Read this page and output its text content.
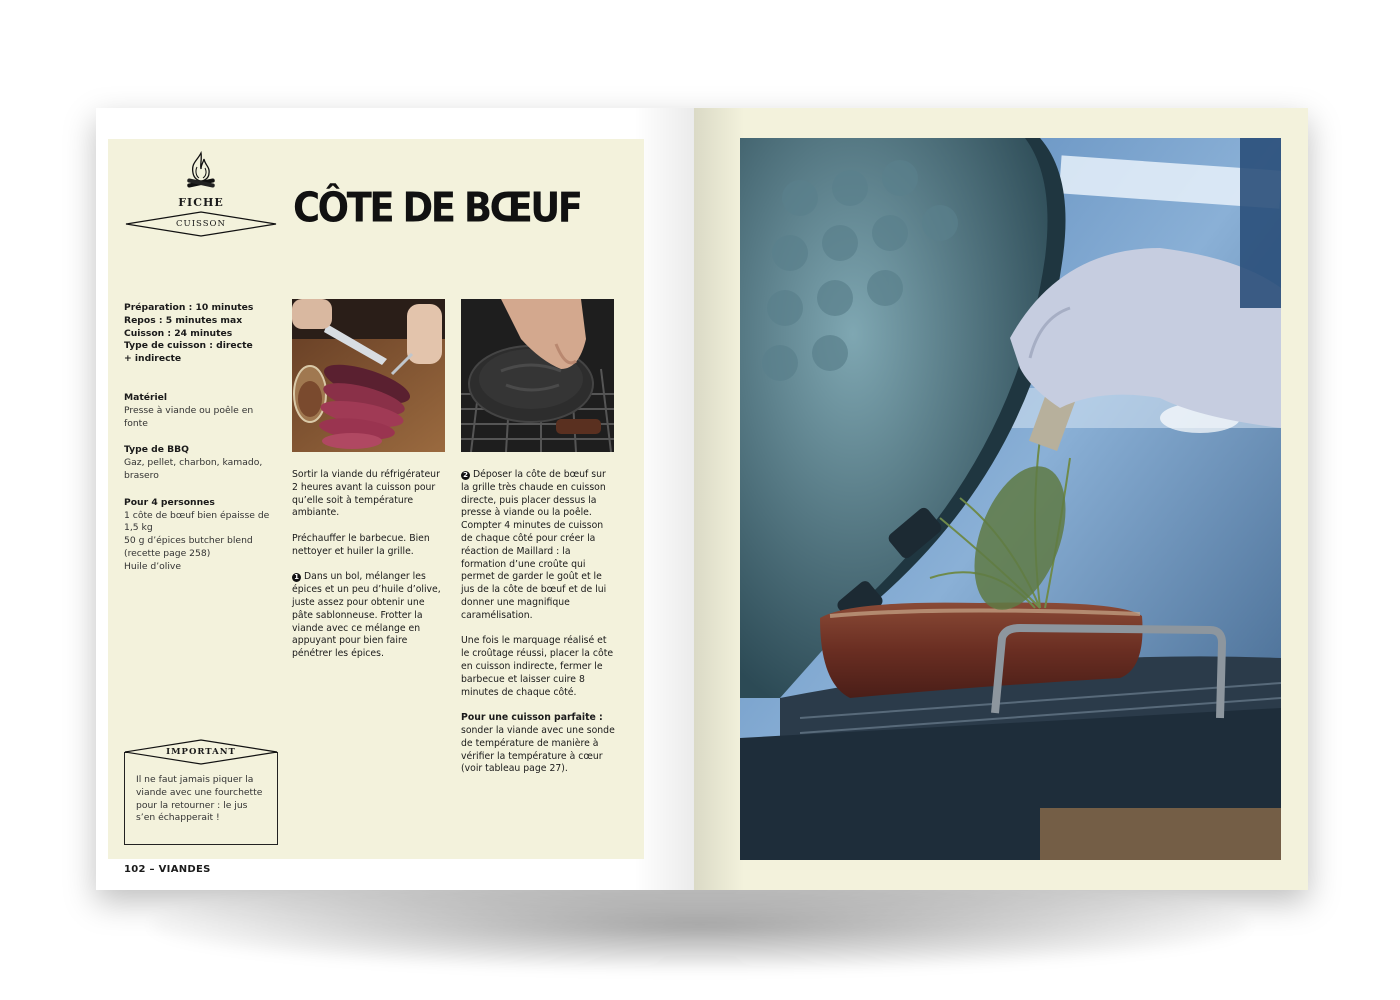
FICHE
CUISSON	CÔTE DE BŒUF
Préparation : 10 minutes
Repos : 5 minutes max
Cuisson : 24 minutes
Type de cuisson : directe
+ indirecte
Matériel
Presse à viande ou poêle en fonte
Type de BBQ
Gaz, pellet, charbon, kamado, brasero
Pour 4 personnes
1 côte de bœuf bien épaisse de 1,5 kg
50 g d’épices butcher blend (recette page 258)
Huile d’olive

Sortir la viande du réfrigérateur 2 heures avant la cuisson pour qu’elle soit à température ambiante.

Préchauffer le barbecue. Bien nettoyer et huiler la grille.

1 Dans un bol, mélanger les épices et un peu d’huile d’olive, juste assez pour obtenir une pâte sablonneuse. Frotter la viande avec ce mélange en appuyant pour bien faire pénétrer les épices.

2 Déposer la côte de bœuf sur la grille très chaude en cuisson directe, puis placer dessus la presse à viande ou la poêle. Compter 4 minutes de cuisson de chaque côté pour créer la réaction de Maillard : la formation d’une croûte qui permet de garder le goût et le jus de la côte de bœuf et de lui donner une magnifique caramélisation.

Une fois le marquage réalisé et le croûtage réussi, placer la côte en cuisson indirecte, fermer le barbecue et laisser cuire 8 minutes de chaque côté.

Pour une cuisson parfaite :
sonder la viande avec une sonde de température de manière à vérifier la température à cœur (voir tableau page 27).
IMPORTANT
Il ne faut jamais piquer la viande avec une fourchette pour la retourner : le jus s’en échapperait !
102 – VIANDES
